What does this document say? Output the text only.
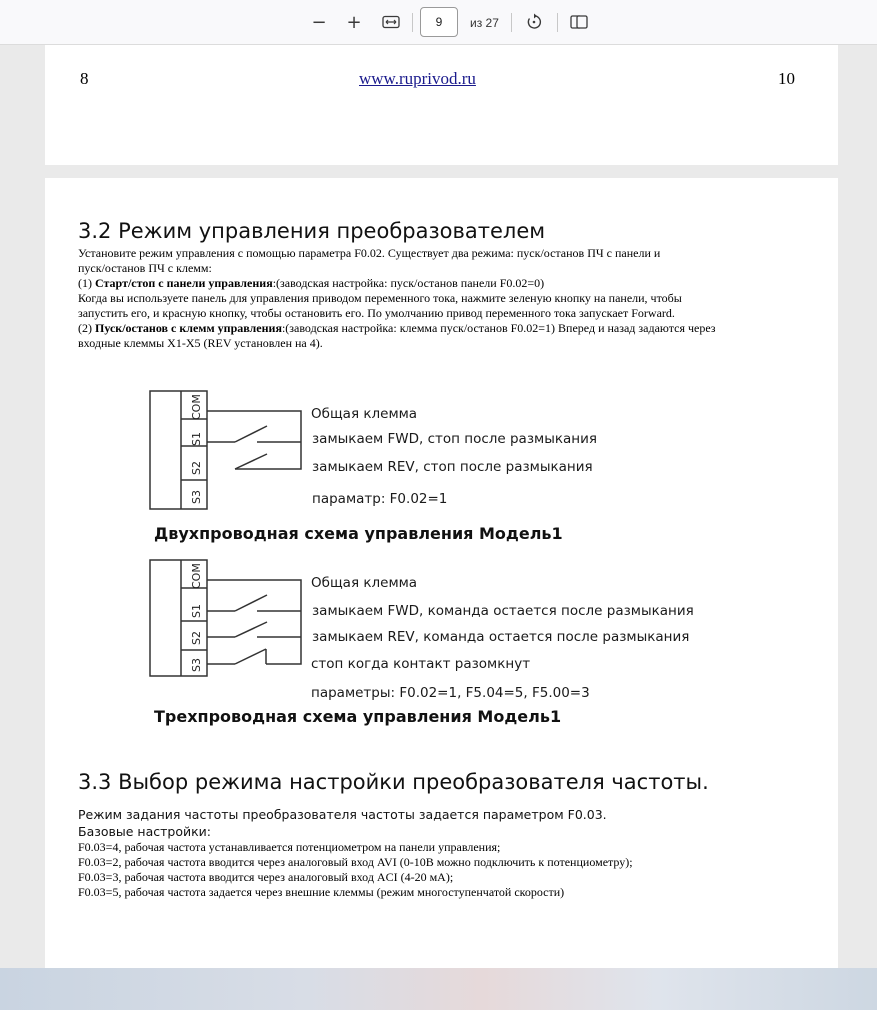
− +
9	из 27
8	www.ruprivod.ru	10
3.2 Режим управления преобразователем
Установите режим управления с помощью параметра F0.02. Существует два режима: пуск/останов ПЧ с панели и
пуск/останов ПЧ с клемм:
(1) Старт/стоп с панели управления:(заводская настройка: пуск/останов панели F0.02=0)
Когда вы используете панель для управления приводом переменного тока, нажмите зеленую кнопку на панели, чтобы
запустить его, и красную кнопку, чтобы остановить его. По умолчанию привод переменного тока запускает Forward.
(2) Пуск/останов с клемм управления:(заводская настройка: клемма пуск/останов F0.02=1) Вперед и назад задаются через
входные клеммы X1-X5 (REV установлен на 4).
COM
S1
S2
S3
COM
S1
S2
S3
Общая клемма
замыкаем FWD, стоп после размыкания
замыкаем REV, стоп после размыкания
параматр: F0.02=1
Общая клемма
замыкаем FWD, команда остается после размыкания
замыкаем REV, команда остается после размыкания
стоп когда контакт разомкнут
параметры: F0.02=1, F5.04=5, F5.00=3
Двухпроводная схема управления Модель1
Трехпроводная схема управления Модель1
3.3 Выбор режима настройки преобразователя частоты.
Режим задания частоты преобразователя частоты задается параметром F0.03.
Базовые настройки:
F0.03=4, рабочая частота устанавливается потенциометром на панели управления;
F0.03=2, рабочая частота вводится через аналоговый вход AVI (0-10В можно подключить к потенциометру);
F0.03=3, рабочая частота вводится через аналоговый вход ACI (4-20 мА);
F0.03=5, рабочая частота задается через внешние клеммы (режим многоступенчатой скорости)
